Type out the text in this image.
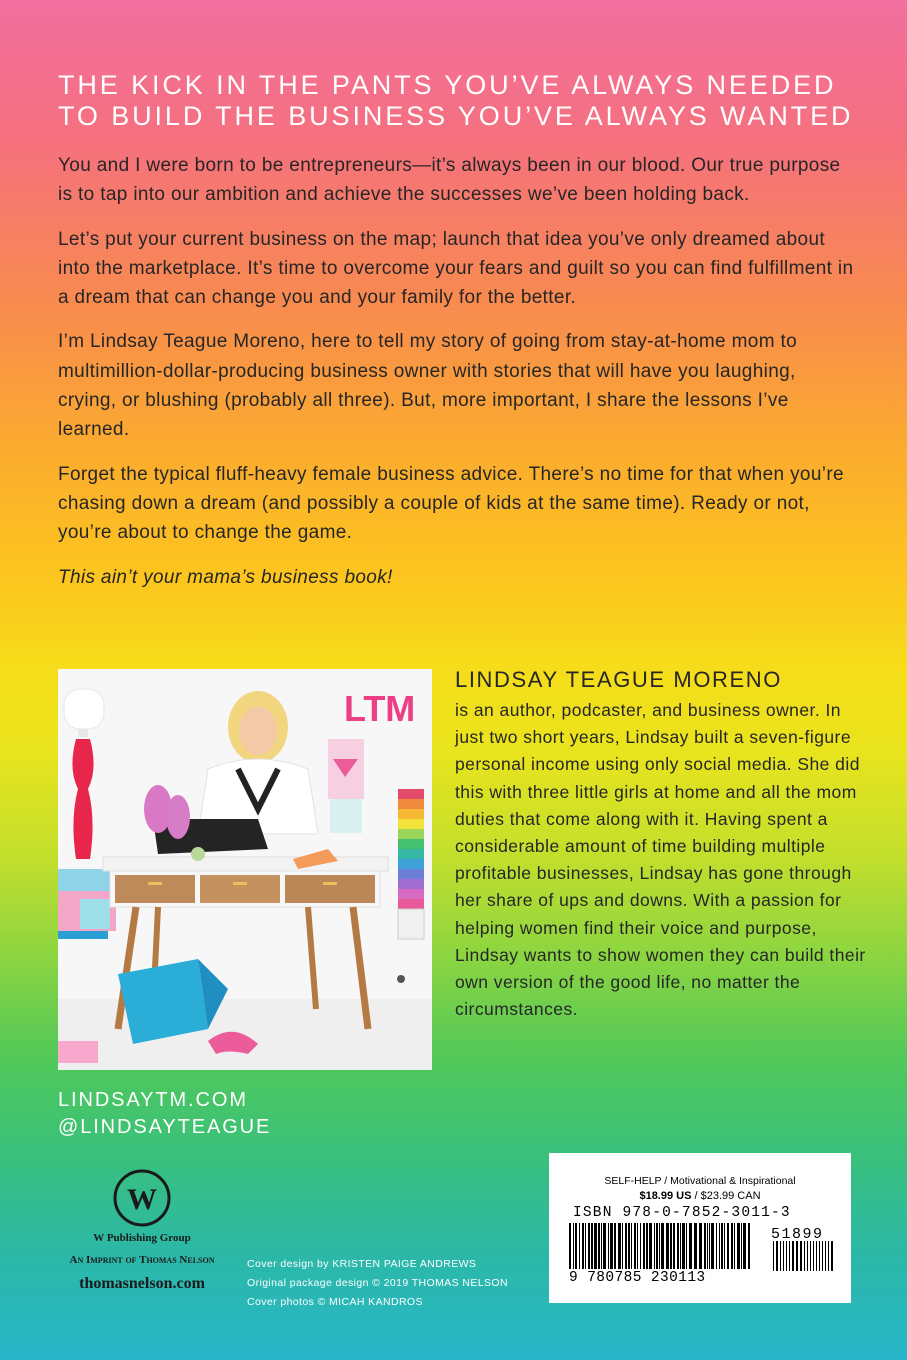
THE KICK IN THE PANTS YOU’VE ALWAYS NEEDED
TO BUILD THE BUSINESS YOU’VE ALWAYS WANTED

You and I were born to be entrepreneurs—it’s always been in our blood. Our true purpose is to tap into our ambition and achieve the successes we’ve been holding back.

Let’s put your current business on the map; launch that idea you’ve only dreamed about into the marketplace. It’s time to overcome your fears and guilt so you can find fulfillment in a dream that can change you and your family for the better.

I’m Lindsay Teague Moreno, here to tell my story of going from stay-at-home mom to multimillion-dollar-producing business owner with stories that will have you laughing, crying, or blushing (probably all three). But, more important, I share the lessons I’ve learned.

Forget the typical fluff-heavy female business advice. There’s no time for that when you’re chasing down a dream (and possibly a couple of kids at the same time). Ready or not, you’re about to change the game.

This ain’t your mama’s business book!

LTM
LINDSAY TEAGUE MORENO

is an author, podcaster, and business owner. In just two short years, Lindsay built a seven-figure personal income using only social media. She did this with three little girls at home and all the mom duties that come along with it. Having spent a considerable amount of time building multiple profitable businesses, Lindsay has gone through her share of ups and downs. With a passion for helping women find their voice and purpose, Lindsay wants to show women they can build their own version of the good life, no matter the circumstances.

LINDSAYTM.COM
@LINDSAYTEAGUE
W
W Publishing Group
An Imprint of Thomas Nelson
thomasnelson.com
Cover design by KRISTEN PAIGE ANDREWS
Original package design © 2019 THOMAS NELSON
Cover photos © MICAH KANDROS
SELF-HELP / Motivational & Inspirational
$18.99 US / $23.99 CAN
ISBN 978-0-7852-3011-3
51899
9 780785 230113
